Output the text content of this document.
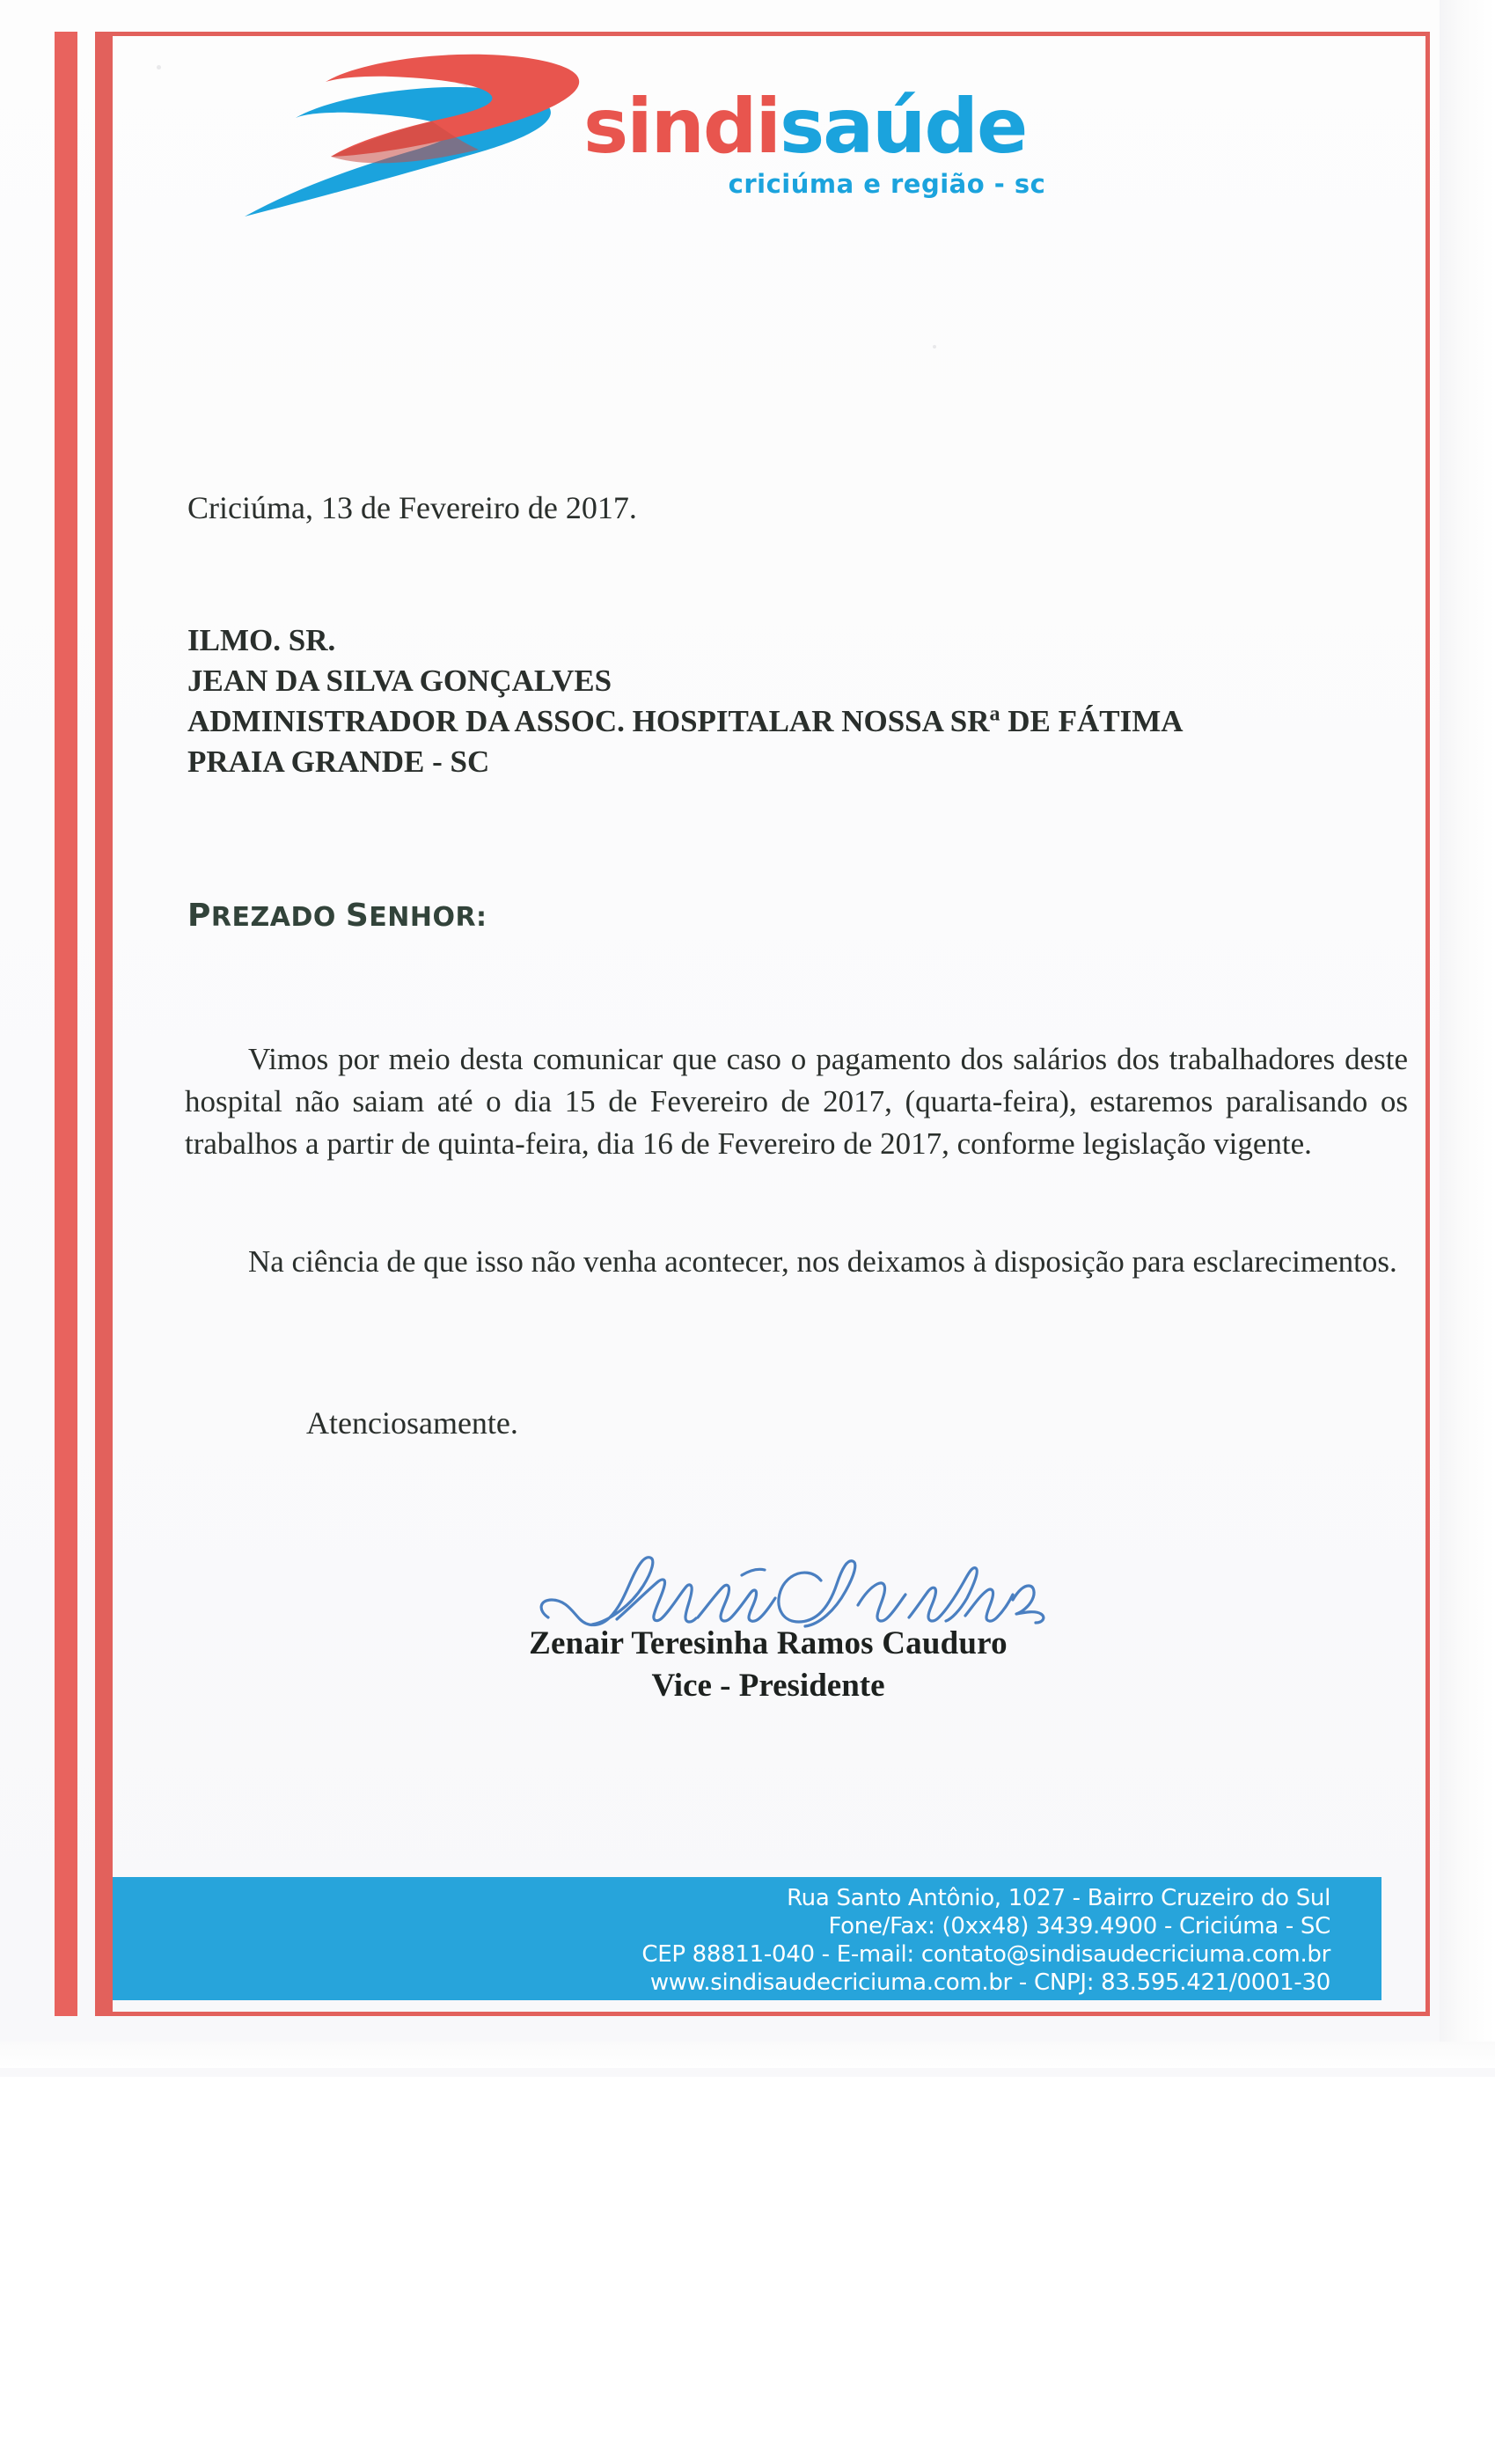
sindisaúde
criciúma e região - sc
Criciúma, 13 de Fevereiro de 2017.
ILMO. SR.
JEAN DA SILVA GONÇALVES
ADMINISTRADOR DA ASSOC. HOSPITALAR NOSSA $SR^a$ DE FÁTIMA
PRAIA GRANDE - SC
PREZADO SENHOR:
Vimos por meio desta comunicar que caso o pagamento dos salários dos trabalhadores deste hospital não saiam até o dia 15 de Fevereiro de 2017, (quarta-feira), estaremos paralisando os trabalhos a partir de quinta-feira, dia 16 de Fevereiro de 2017, conforme legislação vigente.
Na ciência de que isso não venha acontecer, nos deixamos à disposição para esclarecimentos.
Atenciosamente.
Zenair Teresinha Ramos Cauduro
Vice - Presidente
Rua Santo Antônio, 1027 - Bairro Cruzeiro do Sul
Fone/Fax: (0xx48) 3439.4900 - Criciúma - SC
CEP 88811-040 - E-mail: contato@sindisaudecriciuma.com.br
www.sindisaudecriciuma.com.br - CNPJ: 83.595.421/0001-30
